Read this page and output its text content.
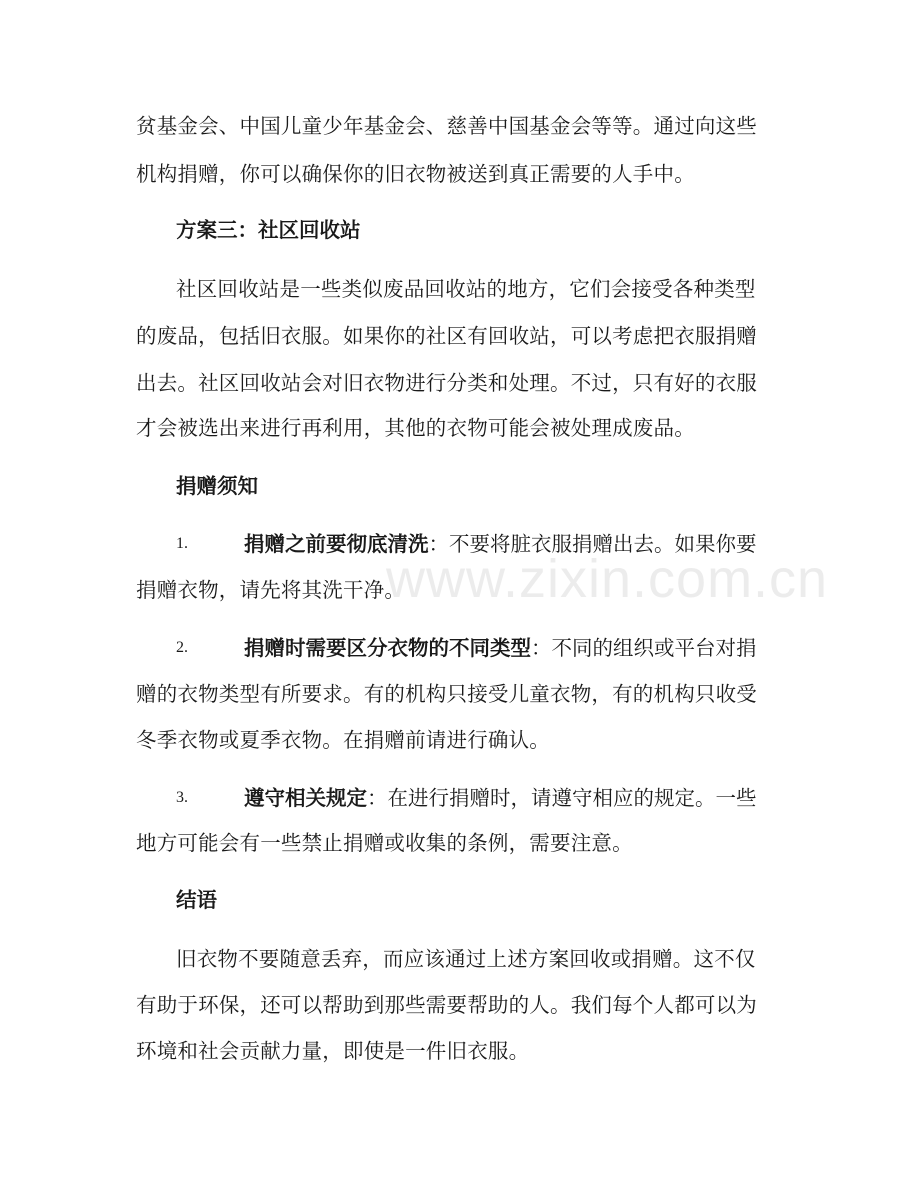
贫基金会、中国儿童少年基金会、慈善中国基金会等等。通过向这些
机构捐赠，你可以确保你的旧衣物被送到真正需要的人手中。
方案三：社区回收站
社区回收站是一些类似废品回收站的地方，它们会接受各种类型
的废品，包括旧衣服。如果你的社区有回收站，可以考虑把衣服捐赠
出去。社区回收站会对旧衣物进行分类和处理。不过，只有好的衣服
才会被选出来进行再利用，其他的衣物可能会被处理成废品。
捐赠须知
1.	捐赠之前要彻底清洗：不要将脏衣服捐赠出去。如果你要
捐赠衣物，请先将其洗干净。
2.	捐赠时需要区分衣物的不同类型：不同的组织或平台对捐
赠的衣物类型有所要求。有的机构只接受儿童衣物，有的机构只收受
冬季衣物或夏季衣物。在捐赠前请进行确认。
3.	遵守相关规定：在进行捐赠时，请遵守相应的规定。一些
地方可能会有一些禁止捐赠或收集的条例，需要注意。
结语
旧衣物不要随意丢弃，而应该通过上述方案回收或捐赠。这不仅
有助于环保，还可以帮助到那些需要帮助的人。我们每个人都可以为
环境和社会贡献力量，即使是一件旧衣服。
www.zixin.com.cn
